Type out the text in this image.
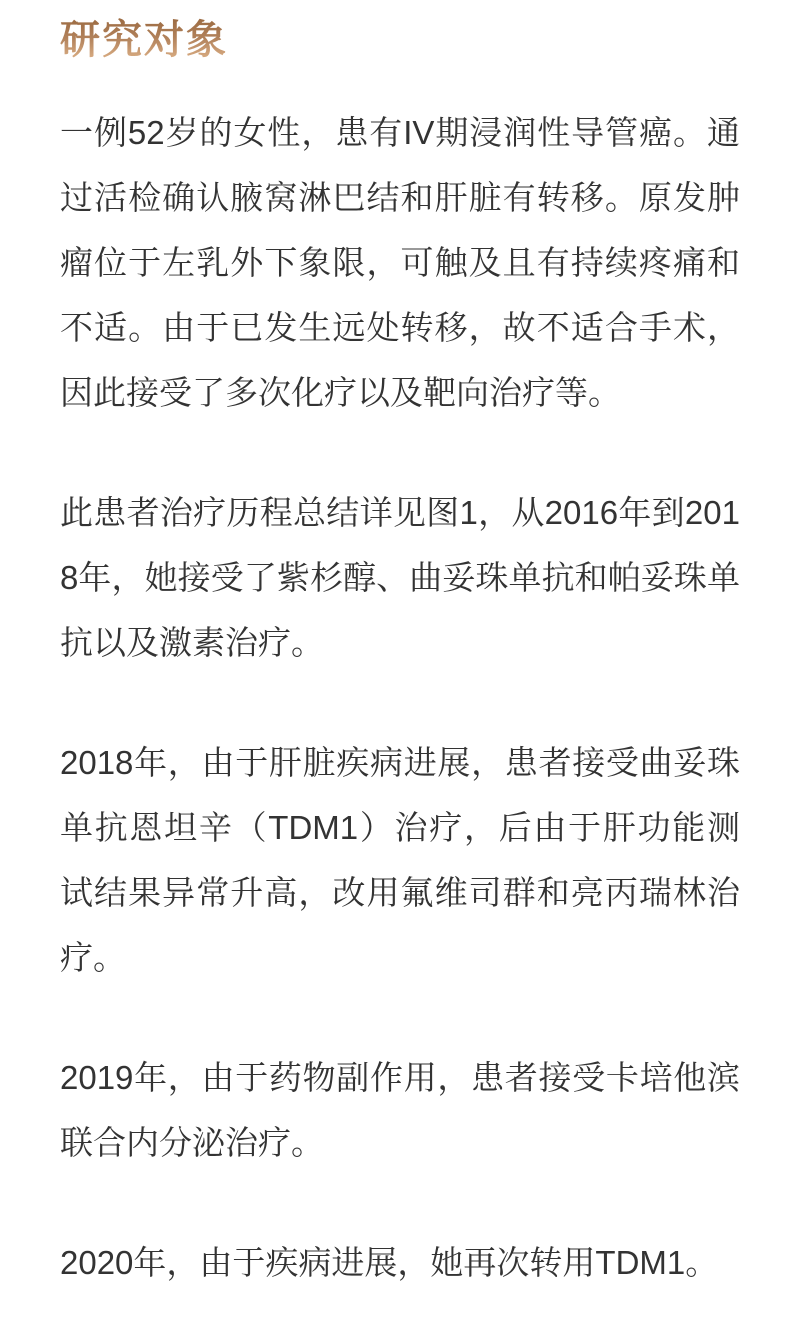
研究对象

一例52岁的女性，患有IV期浸润性导管癌。通过活检确认腋窝淋巴结和肝脏有转移。原发肿瘤位于左乳外下象限，可触及且有持续疼痛和不适。由于已发生远处转移，故不适合手术，因此接受了多次化疗以及靶向治疗等。

此患者治疗历程总结详见图1，从2016年到2018年，她接受了紫杉醇、曲妥珠单抗和帕妥珠单抗以及激素治疗。

2018年，由于肝脏疾病进展，患者接受曲妥珠单抗恩坦辛（TDM1）治疗，后由于肝功能测试结果异常升高，改用氟维司群和亮丙瑞林治疗。

2019年，由于药物副作用，患者接受卡培他滨联合内分泌治疗。

2020年，由于疾病进展，她再次转用TDM1。
